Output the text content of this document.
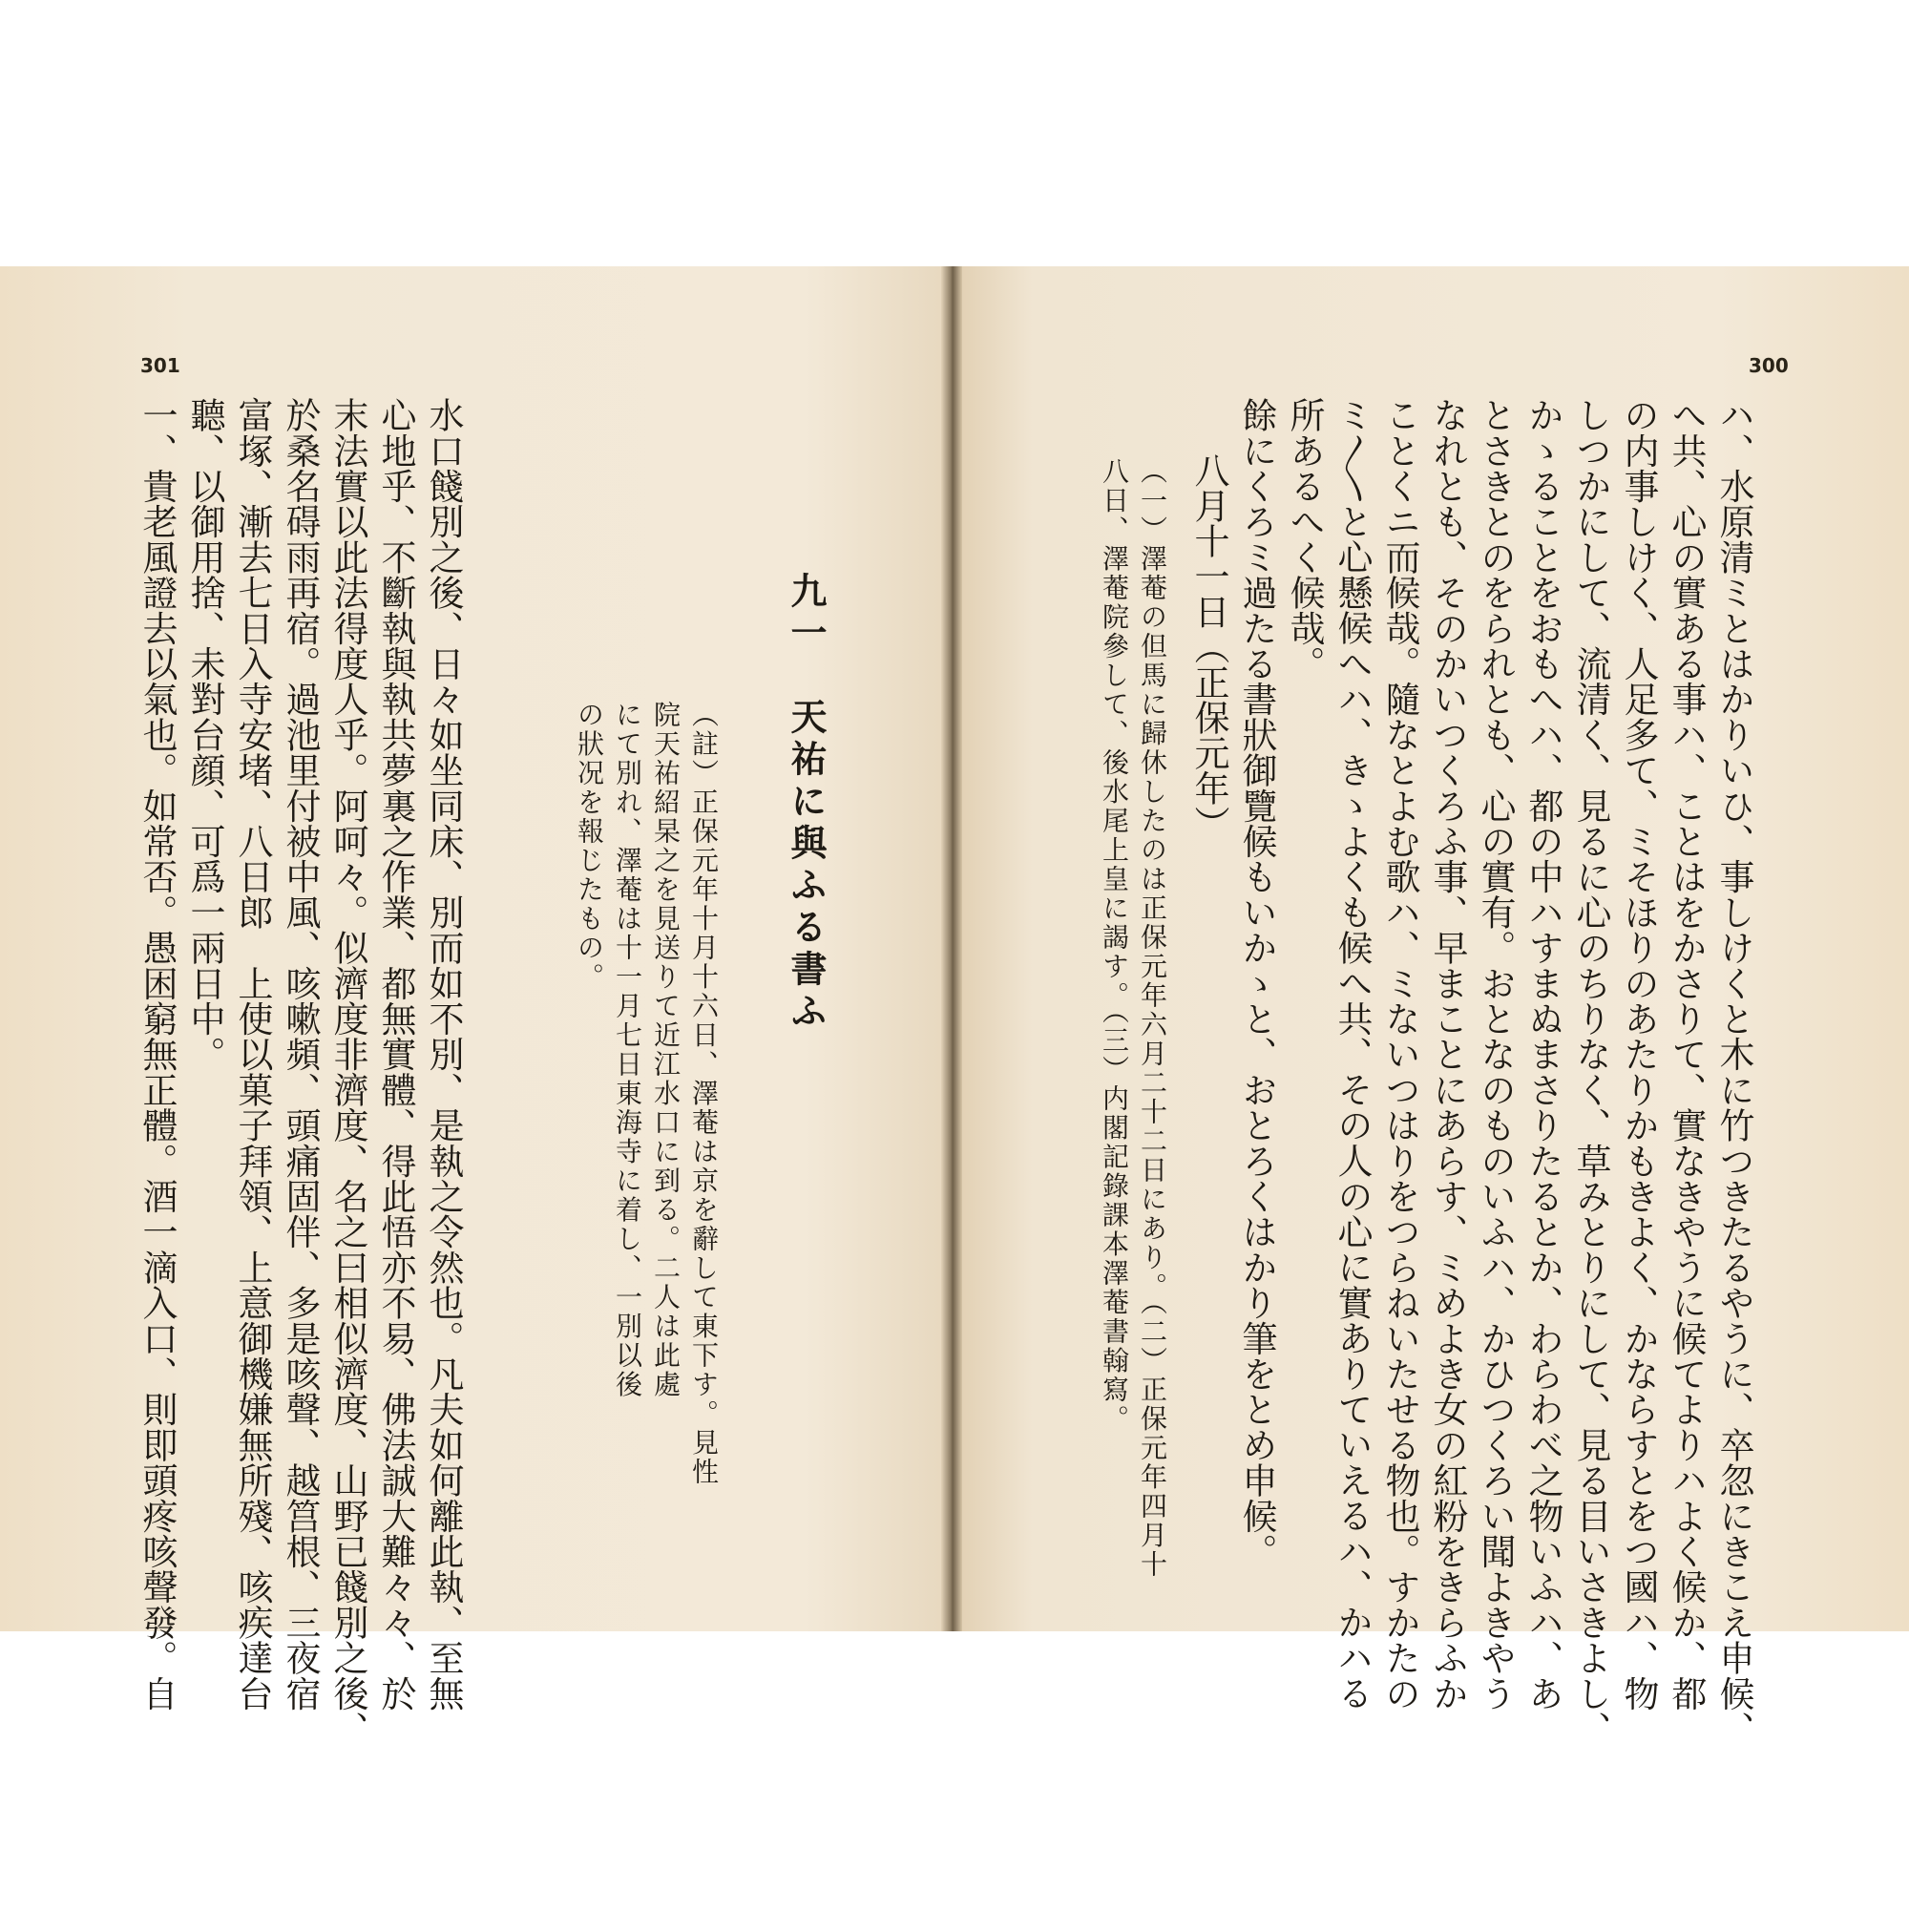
301
一、貴老風證去以氣也。如常否。愚困窮無正體。酒一滴入口、則即頭疼咳聲發。自 聽、以御用捨、未對台顔、可爲一兩日中。 富塚、漸去七日入寺安堵、八日郎　上使以菓子拜領、上意御機嫌無所殘、咳疾達台 於桑名碍雨再宿。過池里付被中風、咳嗽頻、頭痛固伴、多是咳聲、越筥根、三夜宿 末法實以此法得度人乎。阿呵々。似濟度非濟度、名之曰相似濟度、山野已餞別之後、 心地乎、不斷執與執共夢裏之作業、都無實體、得此悟亦不易、佛法誠大難々々、於 水口餞別之後、日々如坐同床、別而如不別、是執之令然也。凡夫如何離此執、至無	の狀况を報じたもの。 にて別れ、澤菴は十一月七日東海寺に着し、一別以後 院天祐紹杲之を見送りて近江水口に到る。二人は此處 （註）正保元年十月十六日、澤菴は京を辭して東下す。見性 九一　天祐に與ふる書ふ
300
八日、澤菴院參して、後水尾上皇に謁す。（三）内閣記錄課本澤菴書翰寫。 （一）澤菴の但馬に歸休したのは正保元年六月二十二日にあり。（二）正保元年四月十 八月十一日（正保元年） 餘にくろミ過たる書狀御覽候もいかゝと、おとろくはかり筆をとめ申候。 所あるへく候哉。 ミ〳〵と心懸候へハ、きゝよくも候へ共、その人の心に實ありていえるハ、かハる ことくニ而候哉。隨なとよむ歌ハ、ミないつはりをつらねいたせる物也。すかたの なれとも、そのかいつくろふ事、早まことにあらす、ミめよき女の紅粉をきらふか とさきとのをられとも、心の實有。おとなのものいふハ、かひつくろい聞よきやう かゝることをおもへハ、都の中ハすまぬまさりたるとか、わらわべ之物いふハ、あ しつかにして、流清く、見るに心のちりなく、草みとりにして、見る目いさきよし、 の内事しけく、人足多て、ミそほりのあたりかもきよく、かならすとをつ國ハ、物 へ共、心の實ある事ハ、ことはをかさりて、實なきやうに候てよりハよく候か、都 ハ、水原清ミとはかりいひ、事しけくと木に竹つきたるやうに、卒忽にきこえ申候、
